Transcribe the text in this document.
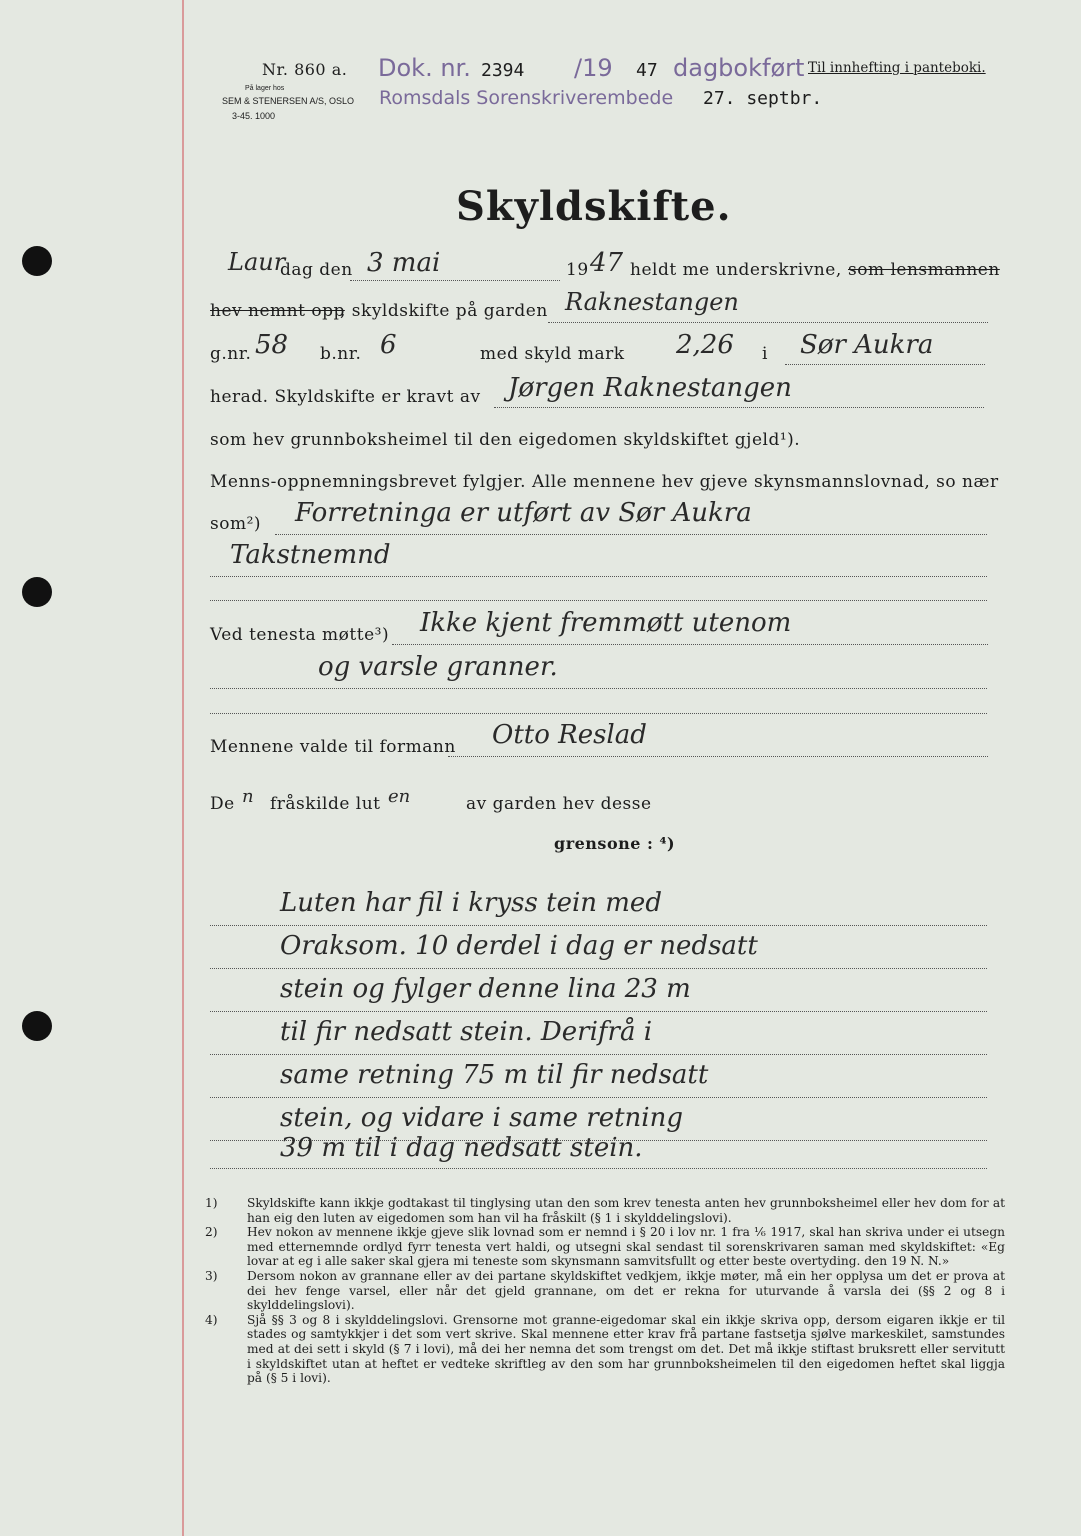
Nr. 860 a.
På lager hos
SEM & STENERSEN A/S, OSLO
3-45. 1000
Dok. nr. 2394 /19 47 dagbokført Til innhefting i panteboki.
Romsdals Sorenskriverembede 27. septbr.
Skyldskifte.
Laur
dag den 3 mai	19 47 heldt me underskrivne, som lensmannen
hev nemnt opp
, skyldskifte på garden Raknestangen
g.nr. 58 b.nr. 6	med skyld mark 2,26 i Sør Aukra
herad. Skyldskifte er kravt av Jørgen Raknestangen
som hev grunnboksheimel til den eigedomen skyldskiftet gjeld¹).
Menns-oppnemningsbrevet fylgjer. Alle mennene hev gjeve skynsmannslovnad, so nær
som²) Forretninga er utført av Sør Aukra
Takstnemnd
Ved tenesta møtte³) Ikke kjent fremmøtt utenom
og varsle granner.
Mennene valde til formann Otto Reslad
De n fråskilde lut en	av garden hev desse
grensone : ⁴)
Luten har fil i kryss tein med
Oraksom. 10 derdel i dag er nedsatt
stein og fylger denne lina 23 m
til fir nedsatt stein. Derifrå i
same retning 75 m til fir nedsatt
stein, og vidare i same retning
39 m til i dag nedsatt stein.
1)	Skyldskifte kann ikkje godtakast til tinglysing utan den som krev tenesta anten hev grunnboksheimel eller hev dom for at han eig den luten av eigedomen som han vil ha fråskilt (§ 1 i skylddelingslovi).
2)	Hev nokon av mennene ikkje gjeve slik lovnad som er nemnd i § 20 i lov nr. 1 fra ⅙ 1917, skal han skriva under ei utsegn med etternemnde ordlyd fyrr tenesta vert haldi, og utsegni skal sendast til sorenskrivaren saman med skyldskiftet: «Eg lovar at eg i alle saker skal gjera mi teneste som skynsmann samvitsfullt og etter beste overtyding. den 19 N. N.»
3)	Dersom nokon av grannane eller av dei partane skyldskiftet vedkjem, ikkje møter, må ein her opplysa um det er prova at dei hev fenge varsel, eller når det gjeld grannane, om det er rekna for uturvande å varsla dei (§§ 2 og 8 i skylddelingslovi).
4)	Sjå §§ 3 og 8 i skylddelingslovi. Grensorne mot granne-eigedomar skal ein ikkje skriva opp, dersom eigaren ikkje er til stades og samtykkjer i det som vert skrive. Skal mennene etter krav frå partane fastsetja sjølve markeskilet, samstundes med at dei sett i skyld (§ 7 i lovi), må dei her nemna det som trengst om det. Det må ikkje stiftast bruksrett eller servitutt i skyldskiftet utan at heftet er vedteke skriftleg av den som har grunnboksheimelen til den eigedomen heftet skal liggja på (§ 5 i lovi).
